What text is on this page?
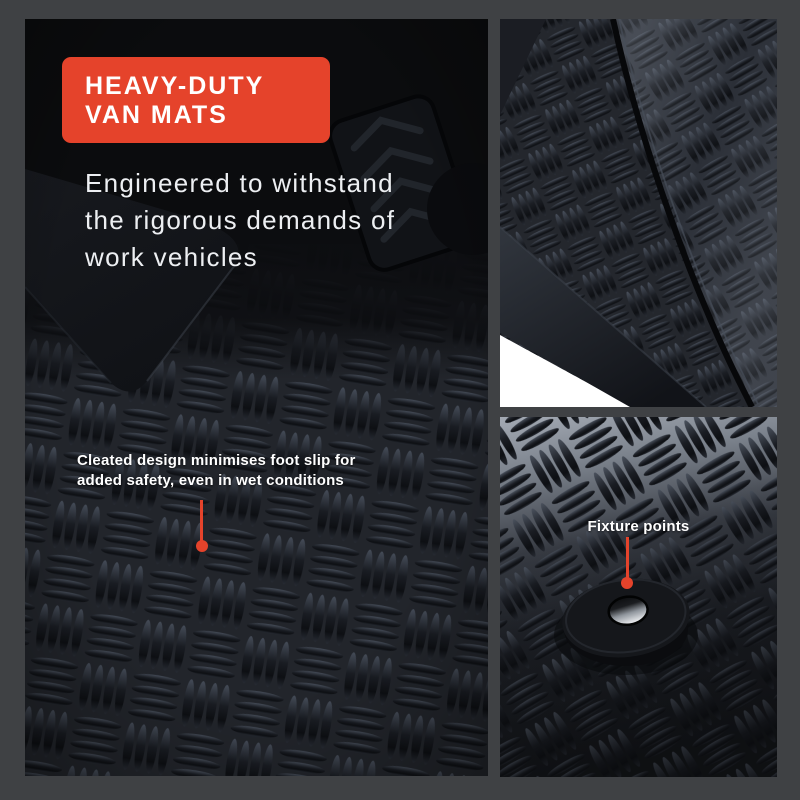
HEAVY-DUTY
VAN MATS
Engineered to withstand
the rigorous demands of
work vehicles
Cleated design minimises foot slip for
added safety, even in wet conditions
Fixture points
